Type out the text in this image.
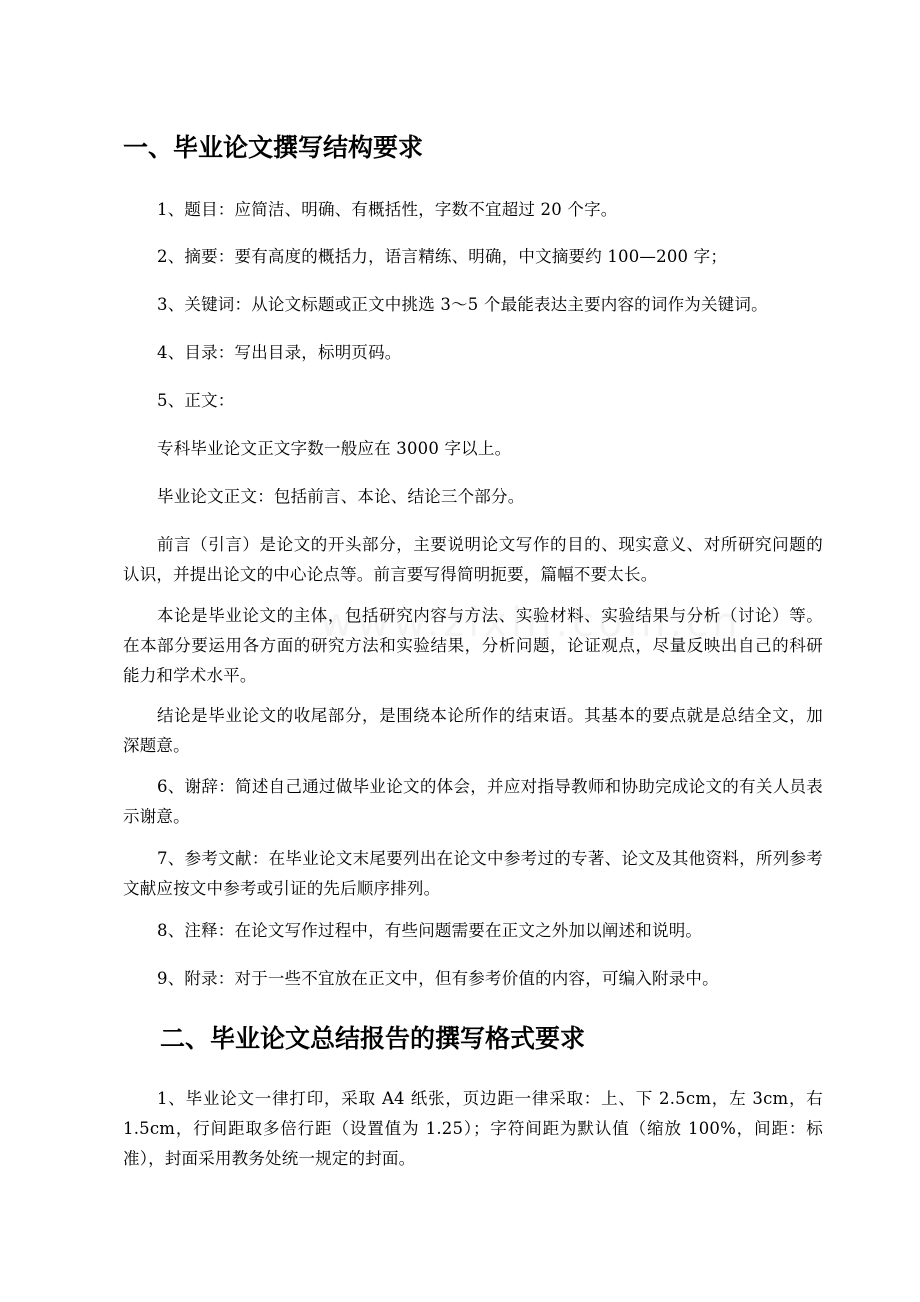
一、毕业论文撰写结构要求
1、题目：应简洁、明确、有概括性，字数不宜超过 20 个字。
2、摘要：要有高度的概括力，语言精练、明确，中文摘要约 100—200 字；
3、关键词：从论文标题或正文中挑选 3～5 个最能表达主要内容的词作为关键词。
4、目录：写出目录，标明页码。
5、正文：
专科毕业论文正文字数一般应在 3000 字以上。
毕业论文正文：包括前言、本论、结论三个部分。
前言（引言）是论文的开头部分，主要说明论文写作的目的、现实意义、对所研究问题的认识，并提出论文的中心论点等。前言要写得简明扼要，篇幅不要太长。
本论是毕业论文的主体，包括研究内容与方法、实验材料、实验结果与分析（讨论）等。在本部分要运用各方面的研究方法和实验结果，分析问题，论证观点，尽量反映出自己的科研能力和学术水平。
结论是毕业论文的收尾部分，是围绕本论所作的结束语。其基本的要点就是总结全文，加深题意。
6、谢辞：简述自己通过做毕业论文的体会，并应对指导教师和协助完成论文的有关人员表示谢意。
7、参考文献：在毕业论文末尾要列出在论文中参考过的专著、论文及其他资料，所列参考文献应按文中参考或引证的先后顺序排列。
8、注释：在论文写作过程中，有些问题需要在正文之外加以阐述和说明。
9、附录：对于一些不宜放在正文中，但有参考价值的内容，可编入附录中。
二、毕业论文总结报告的撰写格式要求
1、毕业论文一律打印，采取 A4 纸张，页边距一律采取：上、下 2.5cm，左 3cm，右 1.5cm，行间距取多倍行距（设置值为 1.25）；字符间距为默认值（缩放 100%，间距：标准），封面采用教务处统一规定的封面。
